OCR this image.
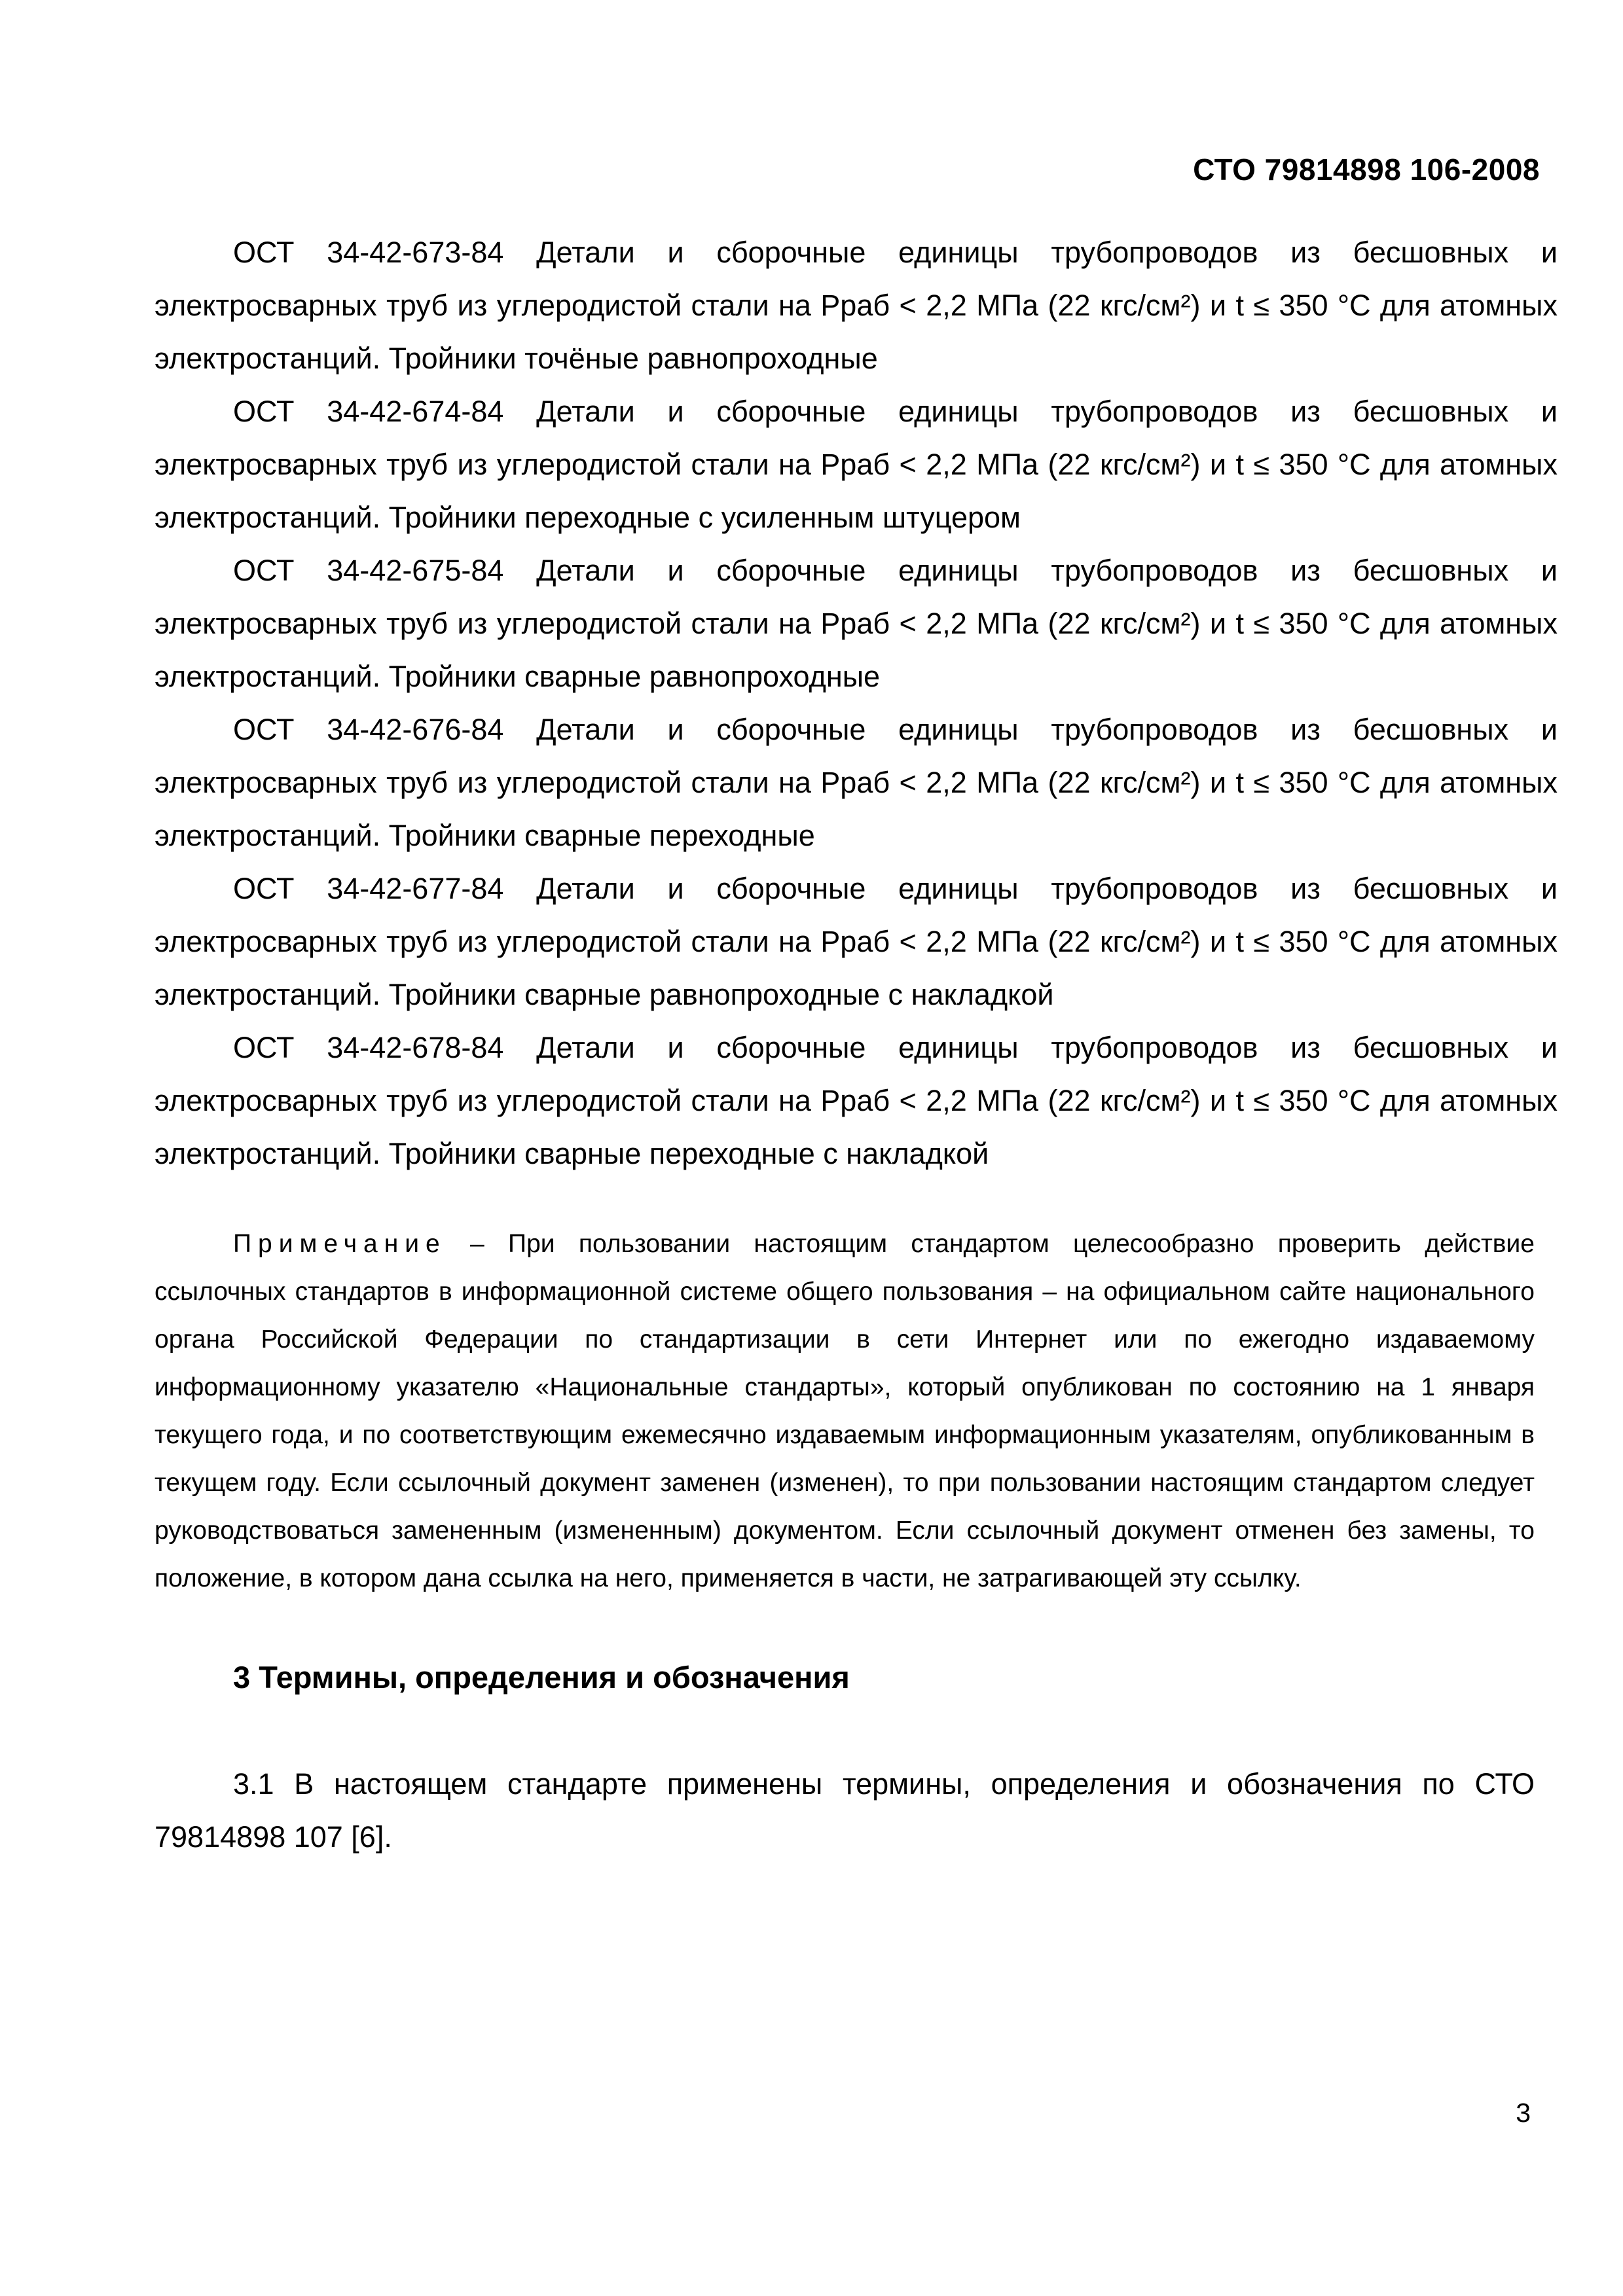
СТО 79814898 106-2008

ОСТ 34-42-673-84 Детали и сборочные единицы трубопроводов из бесшовных и электросварных труб из углеродистой стали на Рраб < 2,2 МПа (22 кгс/см²) и t ≤ 350 °С для атомных электростанций. Тройники точёные равнопроходные

ОСТ 34-42-674-84 Детали и сборочные единицы трубопроводов из бесшовных и электросварных труб из углеродистой стали на Рраб < 2,2 МПа (22 кгс/см²) и t ≤ 350 °С для атомных электростанций. Тройники переходные с усиленным штуцером

ОСТ 34-42-675-84 Детали и сборочные единицы трубопроводов из бесшовных и электросварных труб из углеродистой стали на Рраб < 2,2 МПа (22 кгс/см²) и t ≤ 350 °С для атомных электростанций. Тройники сварные равнопроходные

ОСТ 34-42-676-84 Детали и сборочные единицы трубопроводов из бесшовных и электросварных труб из углеродистой стали на Рраб < 2,2 МПа (22 кгс/см²) и t ≤ 350 °С для атомных электростанций. Тройники сварные переходные

ОСТ 34-42-677-84 Детали и сборочные единицы трубопроводов из бесшовных и электросварных труб из углеродистой стали на Рраб < 2,2 МПа (22 кгс/см²) и t ≤ 350 °С для атомных электростанций. Тройники сварные равнопроходные с накладкой

ОСТ 34-42-678-84 Детали и сборочные единицы трубопроводов из бесшовных и электросварных труб из углеродистой стали на Рраб < 2,2 МПа (22 кгс/см²) и t ≤ 350 °С для атомных электростанций. Тройники сварные переходные с накладкой

Примечание – При пользовании настоящим стандартом целесообразно проверить действие ссылочных стандартов в информационной системе общего пользования – на официальном сайте национального органа Российской Федерации по стандартизации в сети Интернет или по ежегодно издаваемому информационному указателю «Национальные стандарты», который опубликован по состоянию на 1 января текущего года, и по соответствующим ежемесячно издаваемым информационным указателям, опубликованным в текущем году. Если ссылочный документ заменен (изменен), то при пользовании настоящим стандартом следует руководствоваться замененным (измененным) документом. Если ссылочный документ отменен без замены, то положение, в котором дана ссылка на него, применяется в части, не затрагивающей эту ссылку.

3 Термины, определения и обозначения

3.1 В настоящем стандарте применены термины, определения и обозначения по СТО 79814898 107 [6].

3
